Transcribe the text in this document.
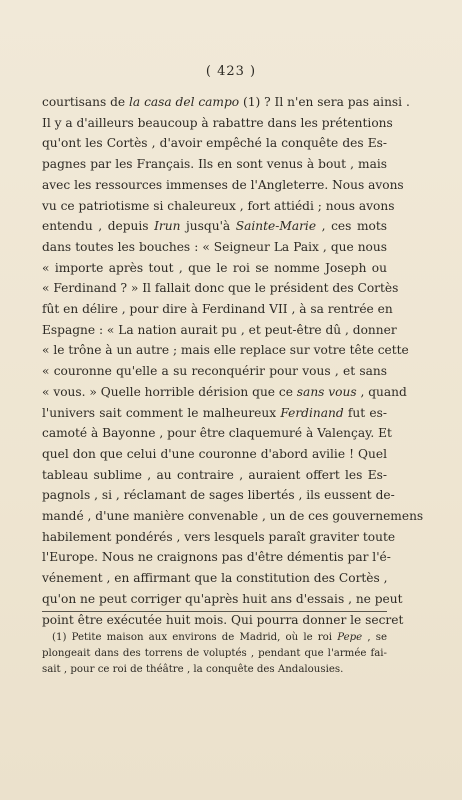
( 423 )
courtisans de la casa del campo (1) ? Il n'en sera pas ainsi .
Il y a d'ailleurs beaucoup à rabattre dans les prétentions
qu'ont les Cortès , d'avoir empêché la conquête des Es-
pagnes par les Français. Ils en sont venus à bout , mais
avec les ressources immenses de l'Angleterre. Nous avons
vu ce patriotisme si chaleureux , fort attiédi ; nous avons
entendu , depuis Irun jusqu'à Sainte-Marie , ces mots
dans toutes les bouches : « Seigneur La Paix , que nous
« importe après tout , que le roi se nomme Joseph ou
« Ferdinand ? » Il fallait donc que le président des Cortès
fût en délire , pour dire à Ferdinand VII , à sa rentrée en
Espagne : « La nation aurait pu , et peut-être dû , donner
« le trône à un autre ; mais elle replace sur votre tête cette
« couronne qu'elle a su reconquérir pour vous , et sans
« vous. » Quelle horrible dérision que ce sans vous , quand
l'univers sait comment le malheureux Ferdinand fut es-
camoté à Bayonne , pour être claquemuré à Valençay. Et
quel don que celui d'une couronne d'abord avilie ! Quel
tableau sublime , au contraire , auraient offert les Es-
pagnols , si , réclamant de sages libertés , ils eussent de-
mandé , d'une manière convenable , un de ces gouvernemens
habilement pondérés , vers lesquels paraît graviter toute
l'Europe. Nous ne craignons pas d'être démentis par l'é-
vénement , en affirmant que la constitution des Cortès ,
qu'on ne peut corriger qu'après huit ans d'essais , ne peut
point être exécutée huit mois. Qui pourra donner le secret
(1) Petite maison aux environs de Madrid, où le roi Pepe , se
plongeait dans des torrens de voluptés , pendant que l'armée fai-
sait , pour ce roi de théâtre , la conquête des Andalousies.
